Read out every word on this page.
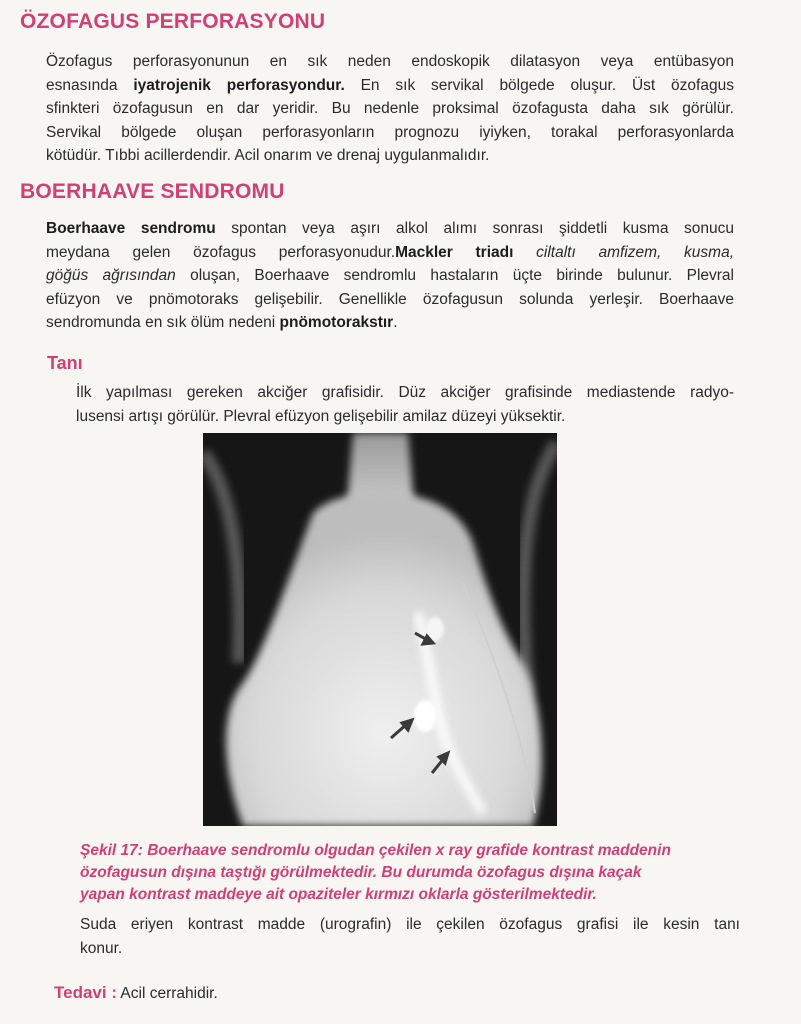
ÖZOFAGUS PERFORASYONU
Özofagus perforasyonunun en sık neden endoskopik dilatasyon veya entübasyon
esnasında iyatrojenik perforasyondur. En sık servikal bölgede oluşur. Üst özofagus
sfinkteri özofagusun en dar yeridir. Bu nedenle proksimal özofagusta daha sık görülür.
Servikal bölgede oluşan perforasyonların prognozu iyiyken, torakal perforasyonlarda
kötüdür. Tıbbi acillerdendir. Acil onarım ve drenaj uygulanmalıdır.
BOERHAAVE SENDROMU
Boerhaave sendromu spontan veya aşırı alkol alımı sonrası şiddetli kusma sonucu
meydana gelen özofagus perforasyonudur.Mackler triadı ciltaltı amfizem, kusma,
göğüs ağrısından oluşan, Boerhaave sendromlu hastaların üçte birinde bulunur. Plevral
efüzyon ve pnömotoraks gelişebilir. Genellikle özofagusun solunda yerleşir. Boerhaave
sendromunda en sık ölüm nedeni pnömotorakstır.
Tanı
İlk yapılması gereken akciğer grafisidir. Düz akciğer grafisinde mediastende radyo-
lusensi artışı görülür. Plevral efüzyon gelişebilir amilaz düzeyi yüksektir.
Şekil 17: Boerhaave sendromlu olgudan çekilen x ray grafide kontrast maddenin
özofagusun dışına taştığı görülmektedir. Bu durumda özofagus dışına kaçak
yapan kontrast maddeye ait opaziteler kırmızı oklarla gösterilmektedir.
Suda eriyen kontrast madde (urografin) ile çekilen özofagus grafisi ile kesin tanı
konur.

Tedavi : Acil cerrahidir.
